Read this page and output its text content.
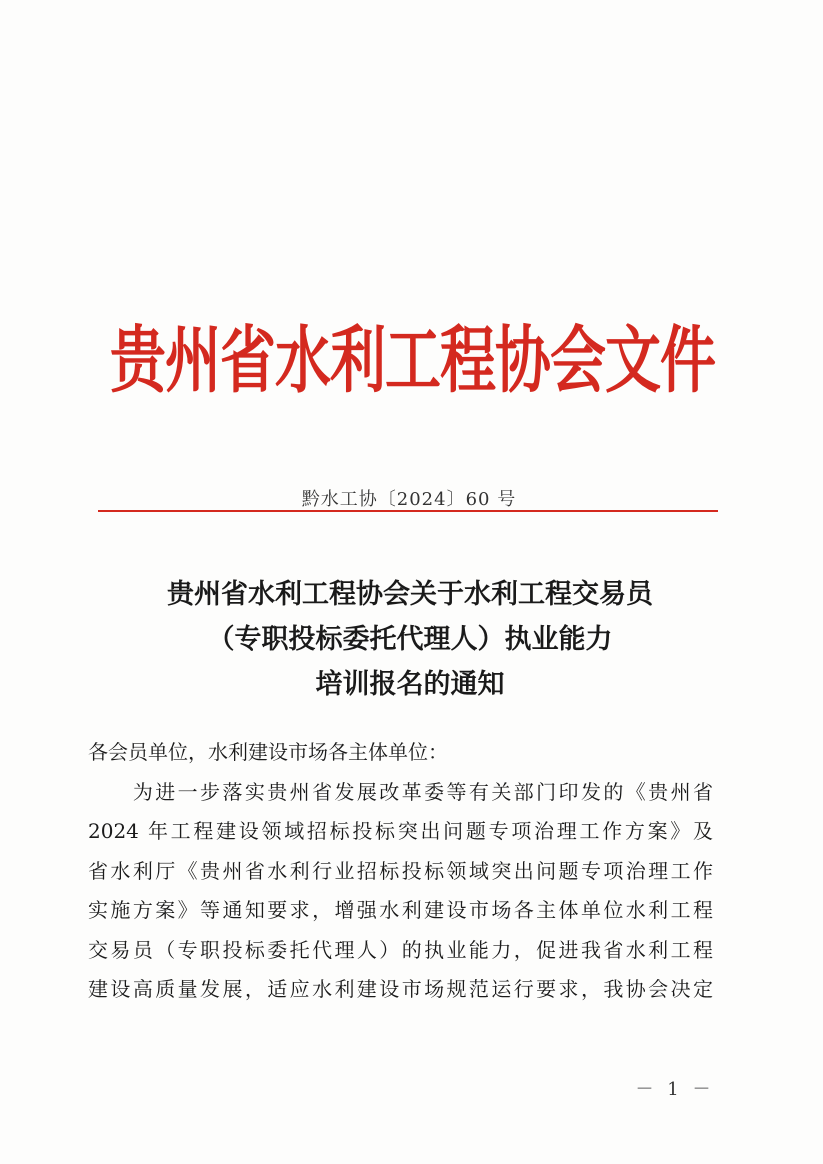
贵州省水利工程协会文件
黔水工协〔2024〕60 号
贵州省水利工程协会关于水利工程交易员
（专职投标委托代理人）执业能力
培训报名的通知
各会员单位，水利建设市场各主体单位：
　　为进一步落实贵州省发展改革委等有关部门印发的《贵州省
2024 年工程建设领域招标投标突出问题专项治理工作方案》及
省水利厅《贵州省水利行业招标投标领域突出问题专项治理工作
实施方案》等通知要求，增强水利建设市场各主体单位水利工程
交易员（专职投标委托代理人）的执业能力，促进我省水利工程
建设高质量发展，适应水利建设市场规范运行要求，我协会决定
－ 1 －
